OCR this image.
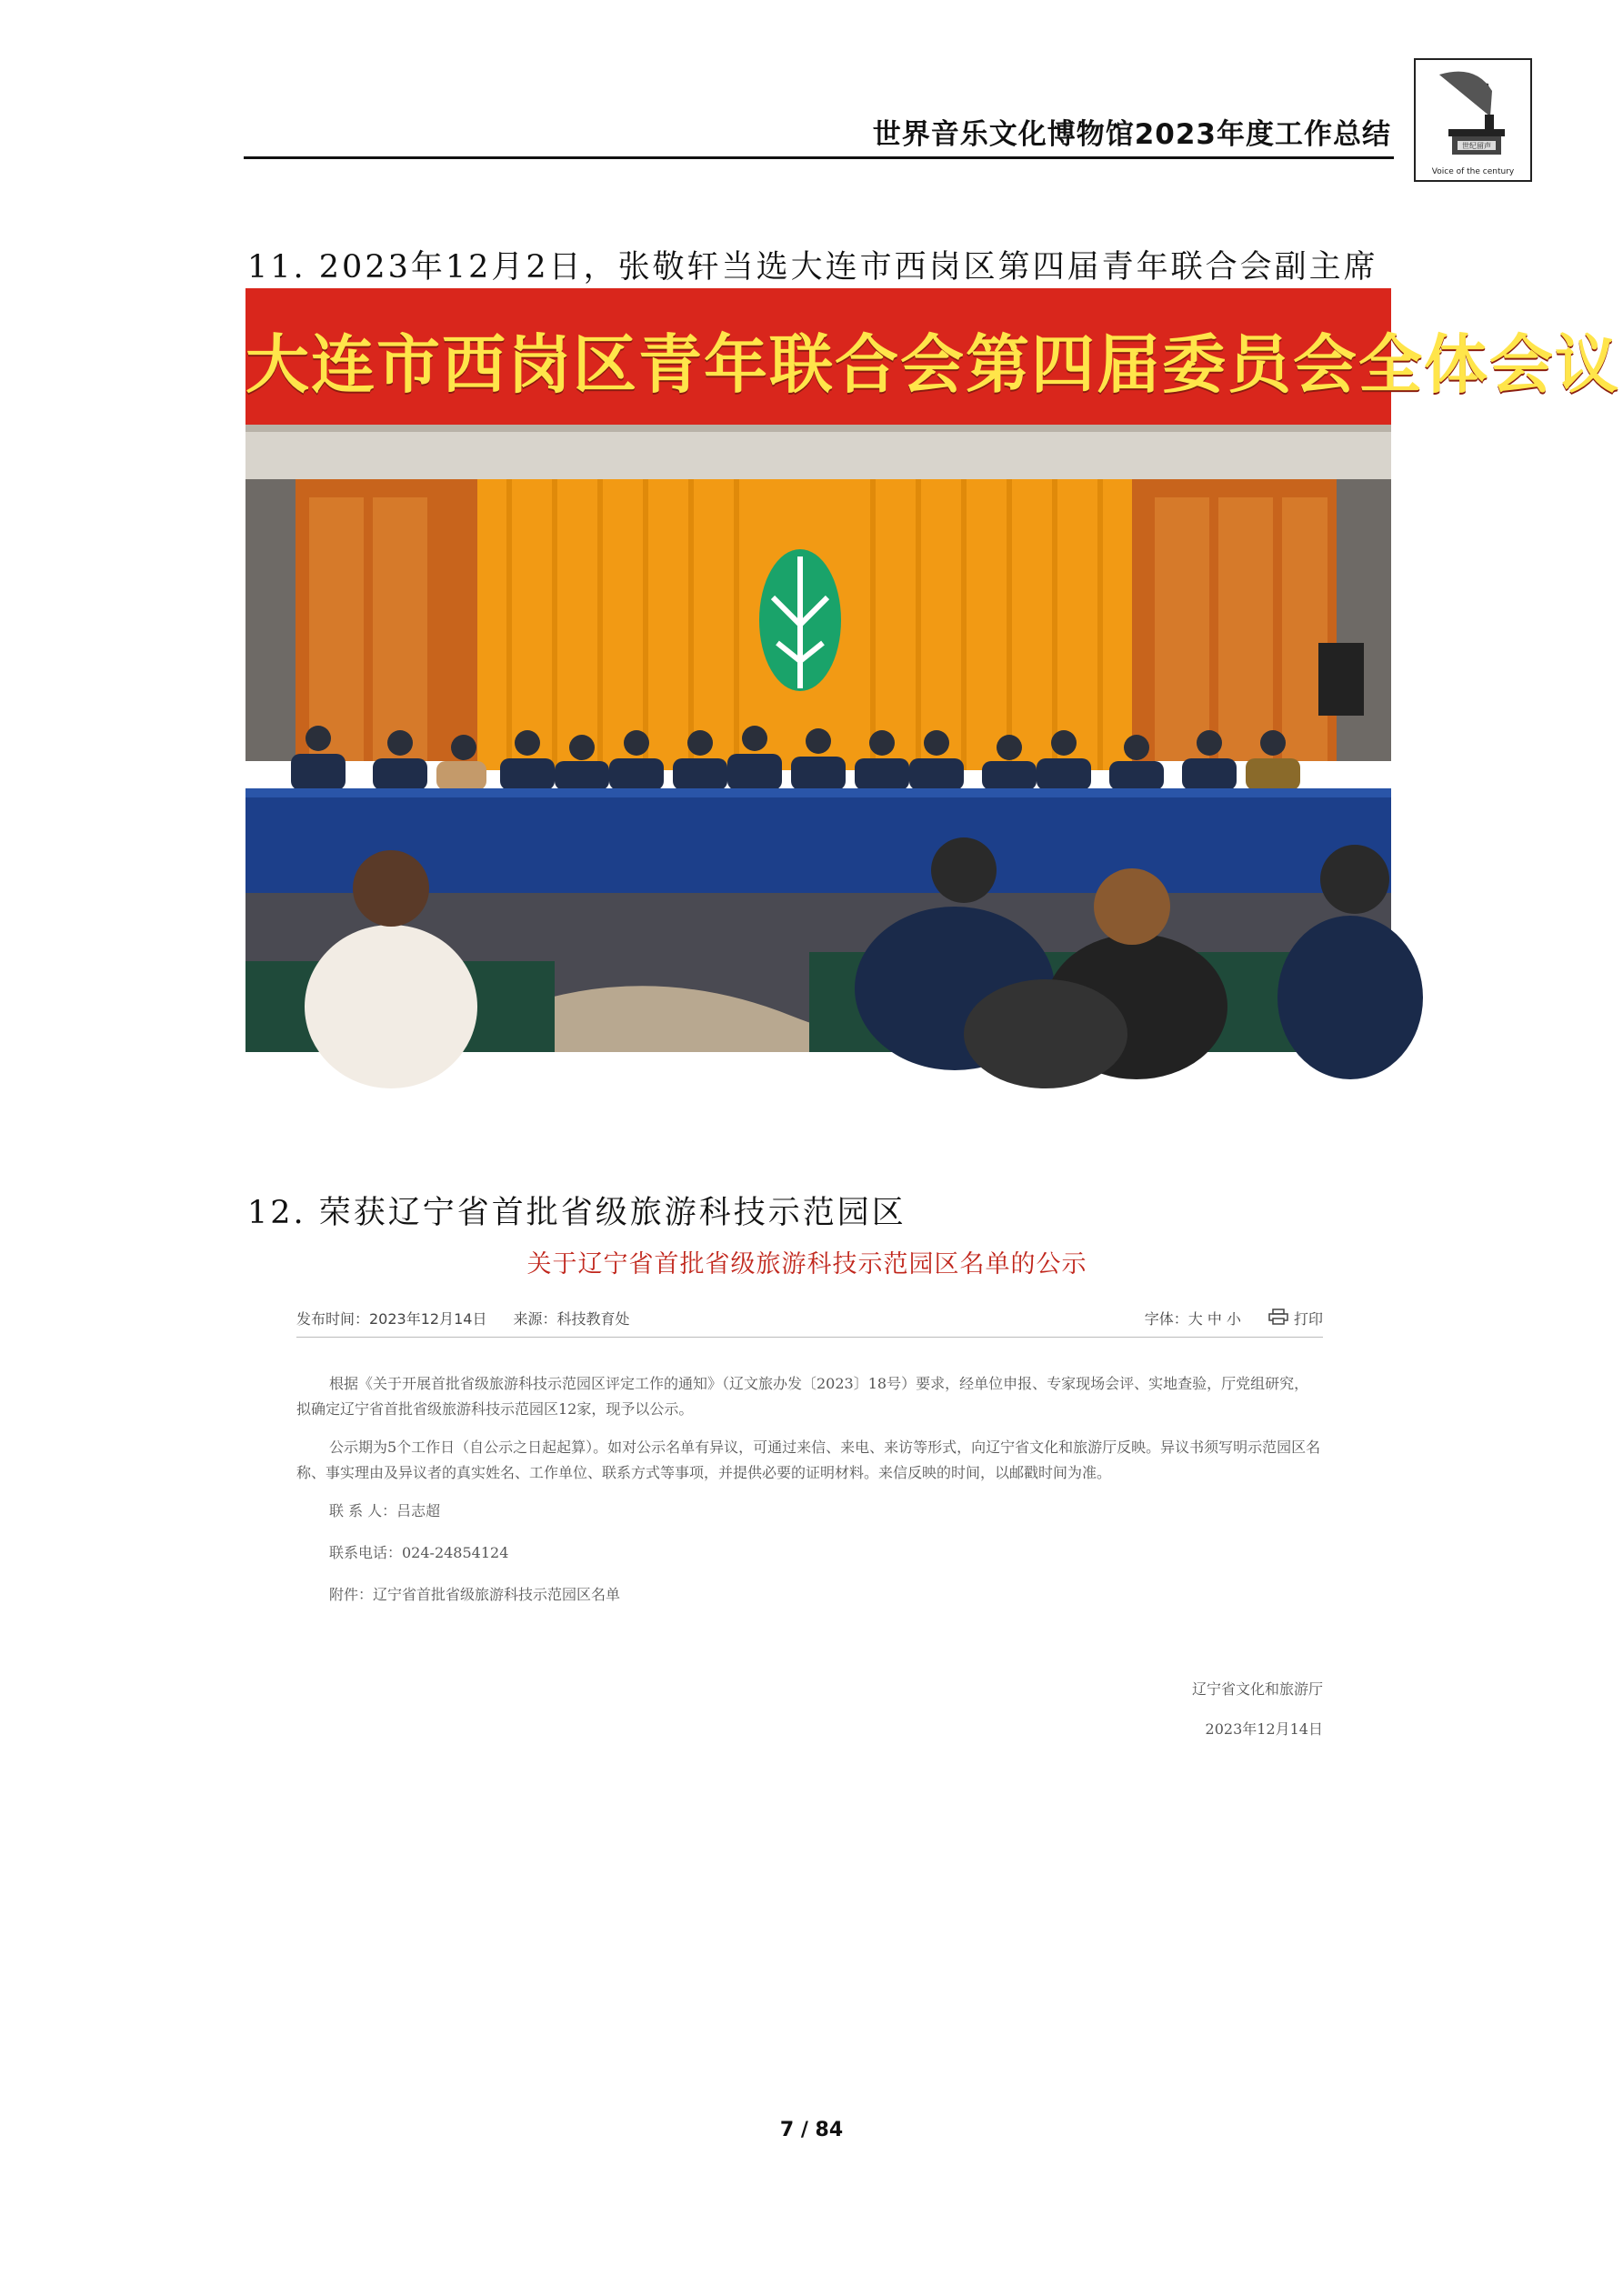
世界音乐文化博物馆2023年度工作总结	世纪留声
Voice of the century
11. 2023年12月2日，张敬轩当选大连市西岗区第四届青年联合会副主席
大连市西岗区青年联合会第四届委员会全体会议
12. 荣获辽宁省首批省级旅游科技示范园区
关于辽宁省首批省级旅游科技示范园区名单的公示
发布时间：2023年12月14日 来源：科技教育处	字体：大 中 小	打印

根据《关于开展首批省级旅游科技示范园区评定工作的通知》（辽文旅办发〔2023〕18号）要求，经单位申报、专家现场会评、实地查验，厅党组研究，拟确定辽宁省首批省级旅游科技示范园区12家，现予以公示。

公示期为5个工作日（自公示之日起起算）。如对公示名单有异议，可通过来信、来电、来访等形式，向辽宁省文化和旅游厅反映。异议书须写明示范园区名称、事实理由及异议者的真实姓名、工作单位、联系方式等事项，并提供必要的证明材料。来信反映的时间，以邮戳时间为准。

联 系 人：吕志超
联系电话：024-24854124
附件：辽宁省首批省级旅游科技示范园区名单
辽宁省文化和旅游厅
2023年12月14日
7 / 84
